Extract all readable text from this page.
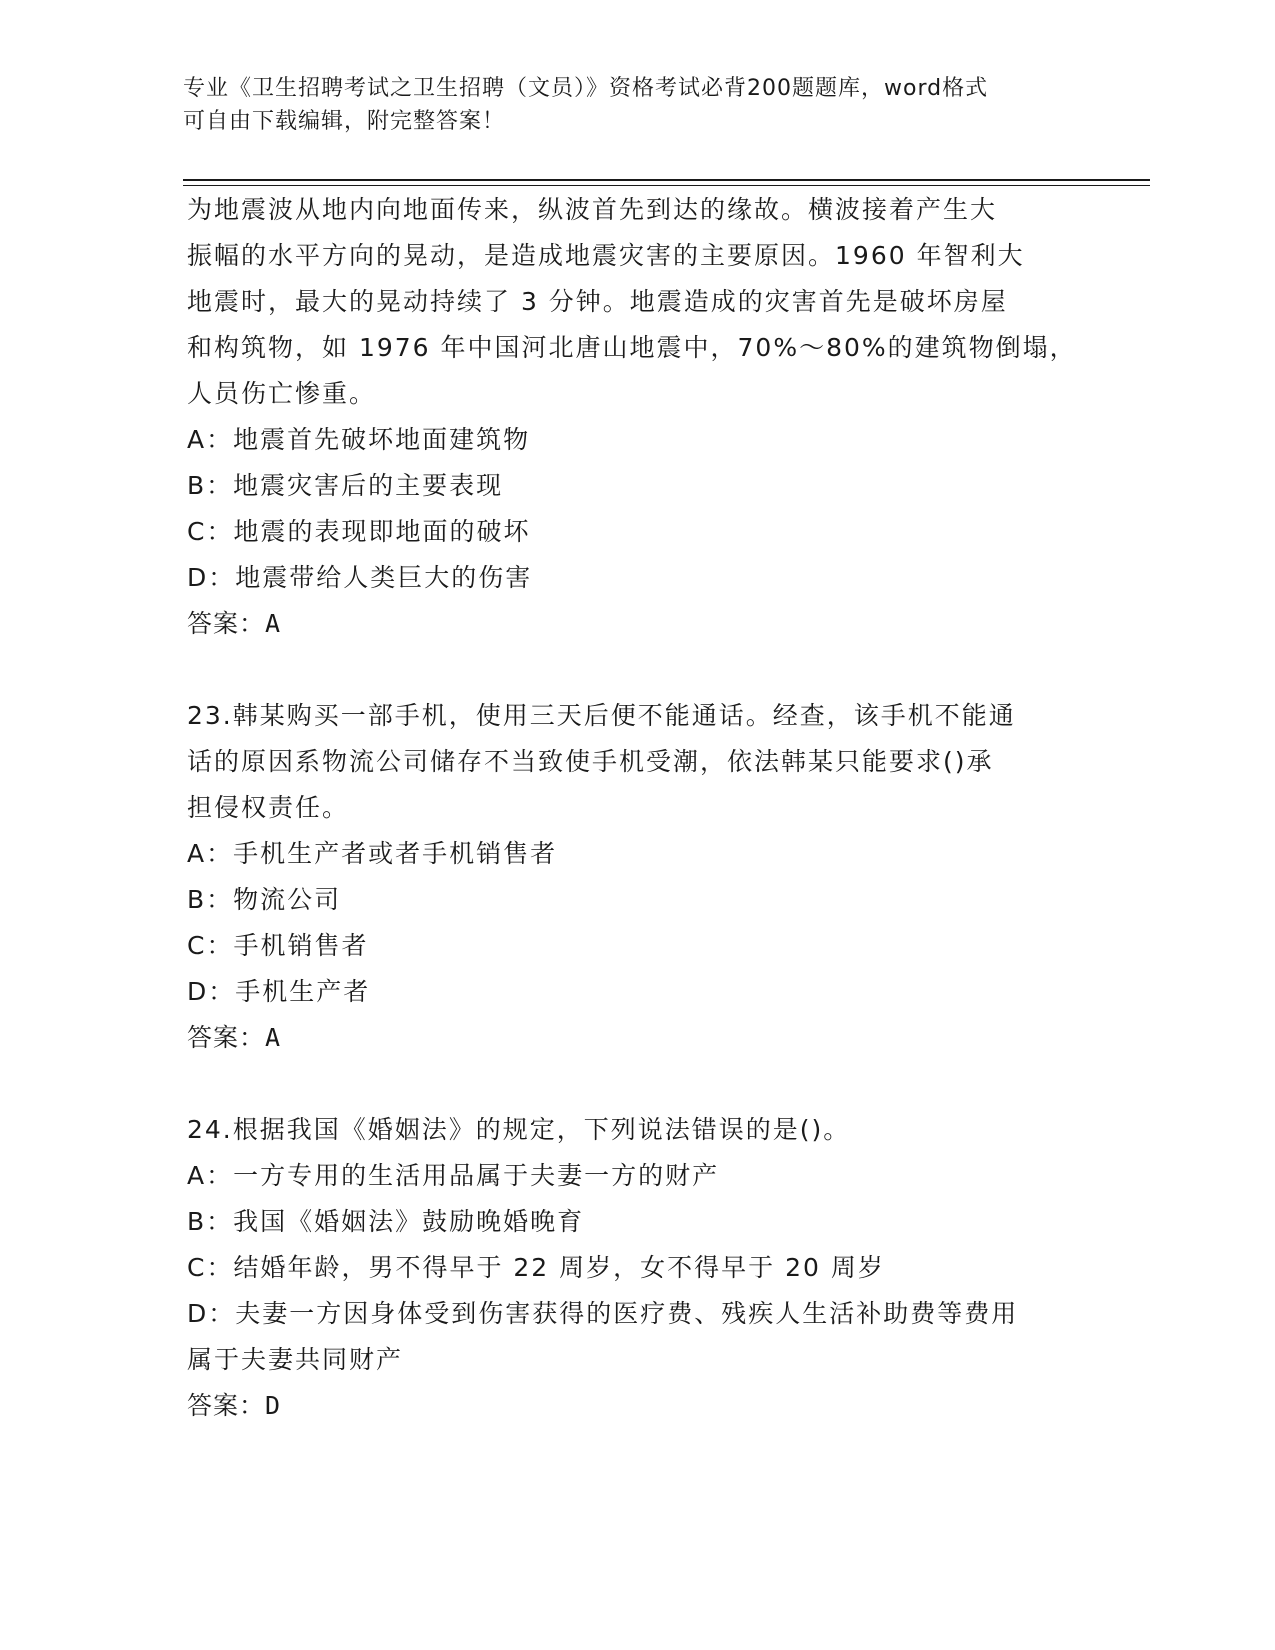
专业《卫生招聘考试之卫生招聘（文员）》资格考试必背200题题库，word格式
可自由下载编辑，附完整答案！
为地震波从地内向地面传来，纵波首先到达的缘故。横波接着产生大
振幅的水平方向的晃动，是造成地震灾害的主要原因。1960 年智利大
地震时，最大的晃动持续了 3 分钟。地震造成的灾害首先是破坏房屋
和构筑物，如 1976 年中国河北唐山地震中，70%～80%的建筑物倒塌，
人员伤亡惨重。
A：地震首先破坏地面建筑物
B：地震灾害后的主要表现
C：地震的表现即地面的破坏
D：地震带给人类巨大的伤害
答案：A
23.韩某购买一部手机，使用三天后便不能通话。经查，该手机不能通
话的原因系物流公司储存不当致使手机受潮，依法韩某只能要求()承
担侵权责任。
A：手机生产者或者手机销售者
B：物流公司
C：手机销售者
D：手机生产者
答案：A
24.根据我国《婚姻法》的规定，下列说法错误的是()。
A：一方专用的生活用品属于夫妻一方的财产
B：我国《婚姻法》鼓励晚婚晚育
C：结婚年龄，男不得早于 22 周岁，女不得早于 20 周岁
D：夫妻一方因身体受到伤害获得的医疗费、残疾人生活补助费等费用
属于夫妻共同财产
答案：D
